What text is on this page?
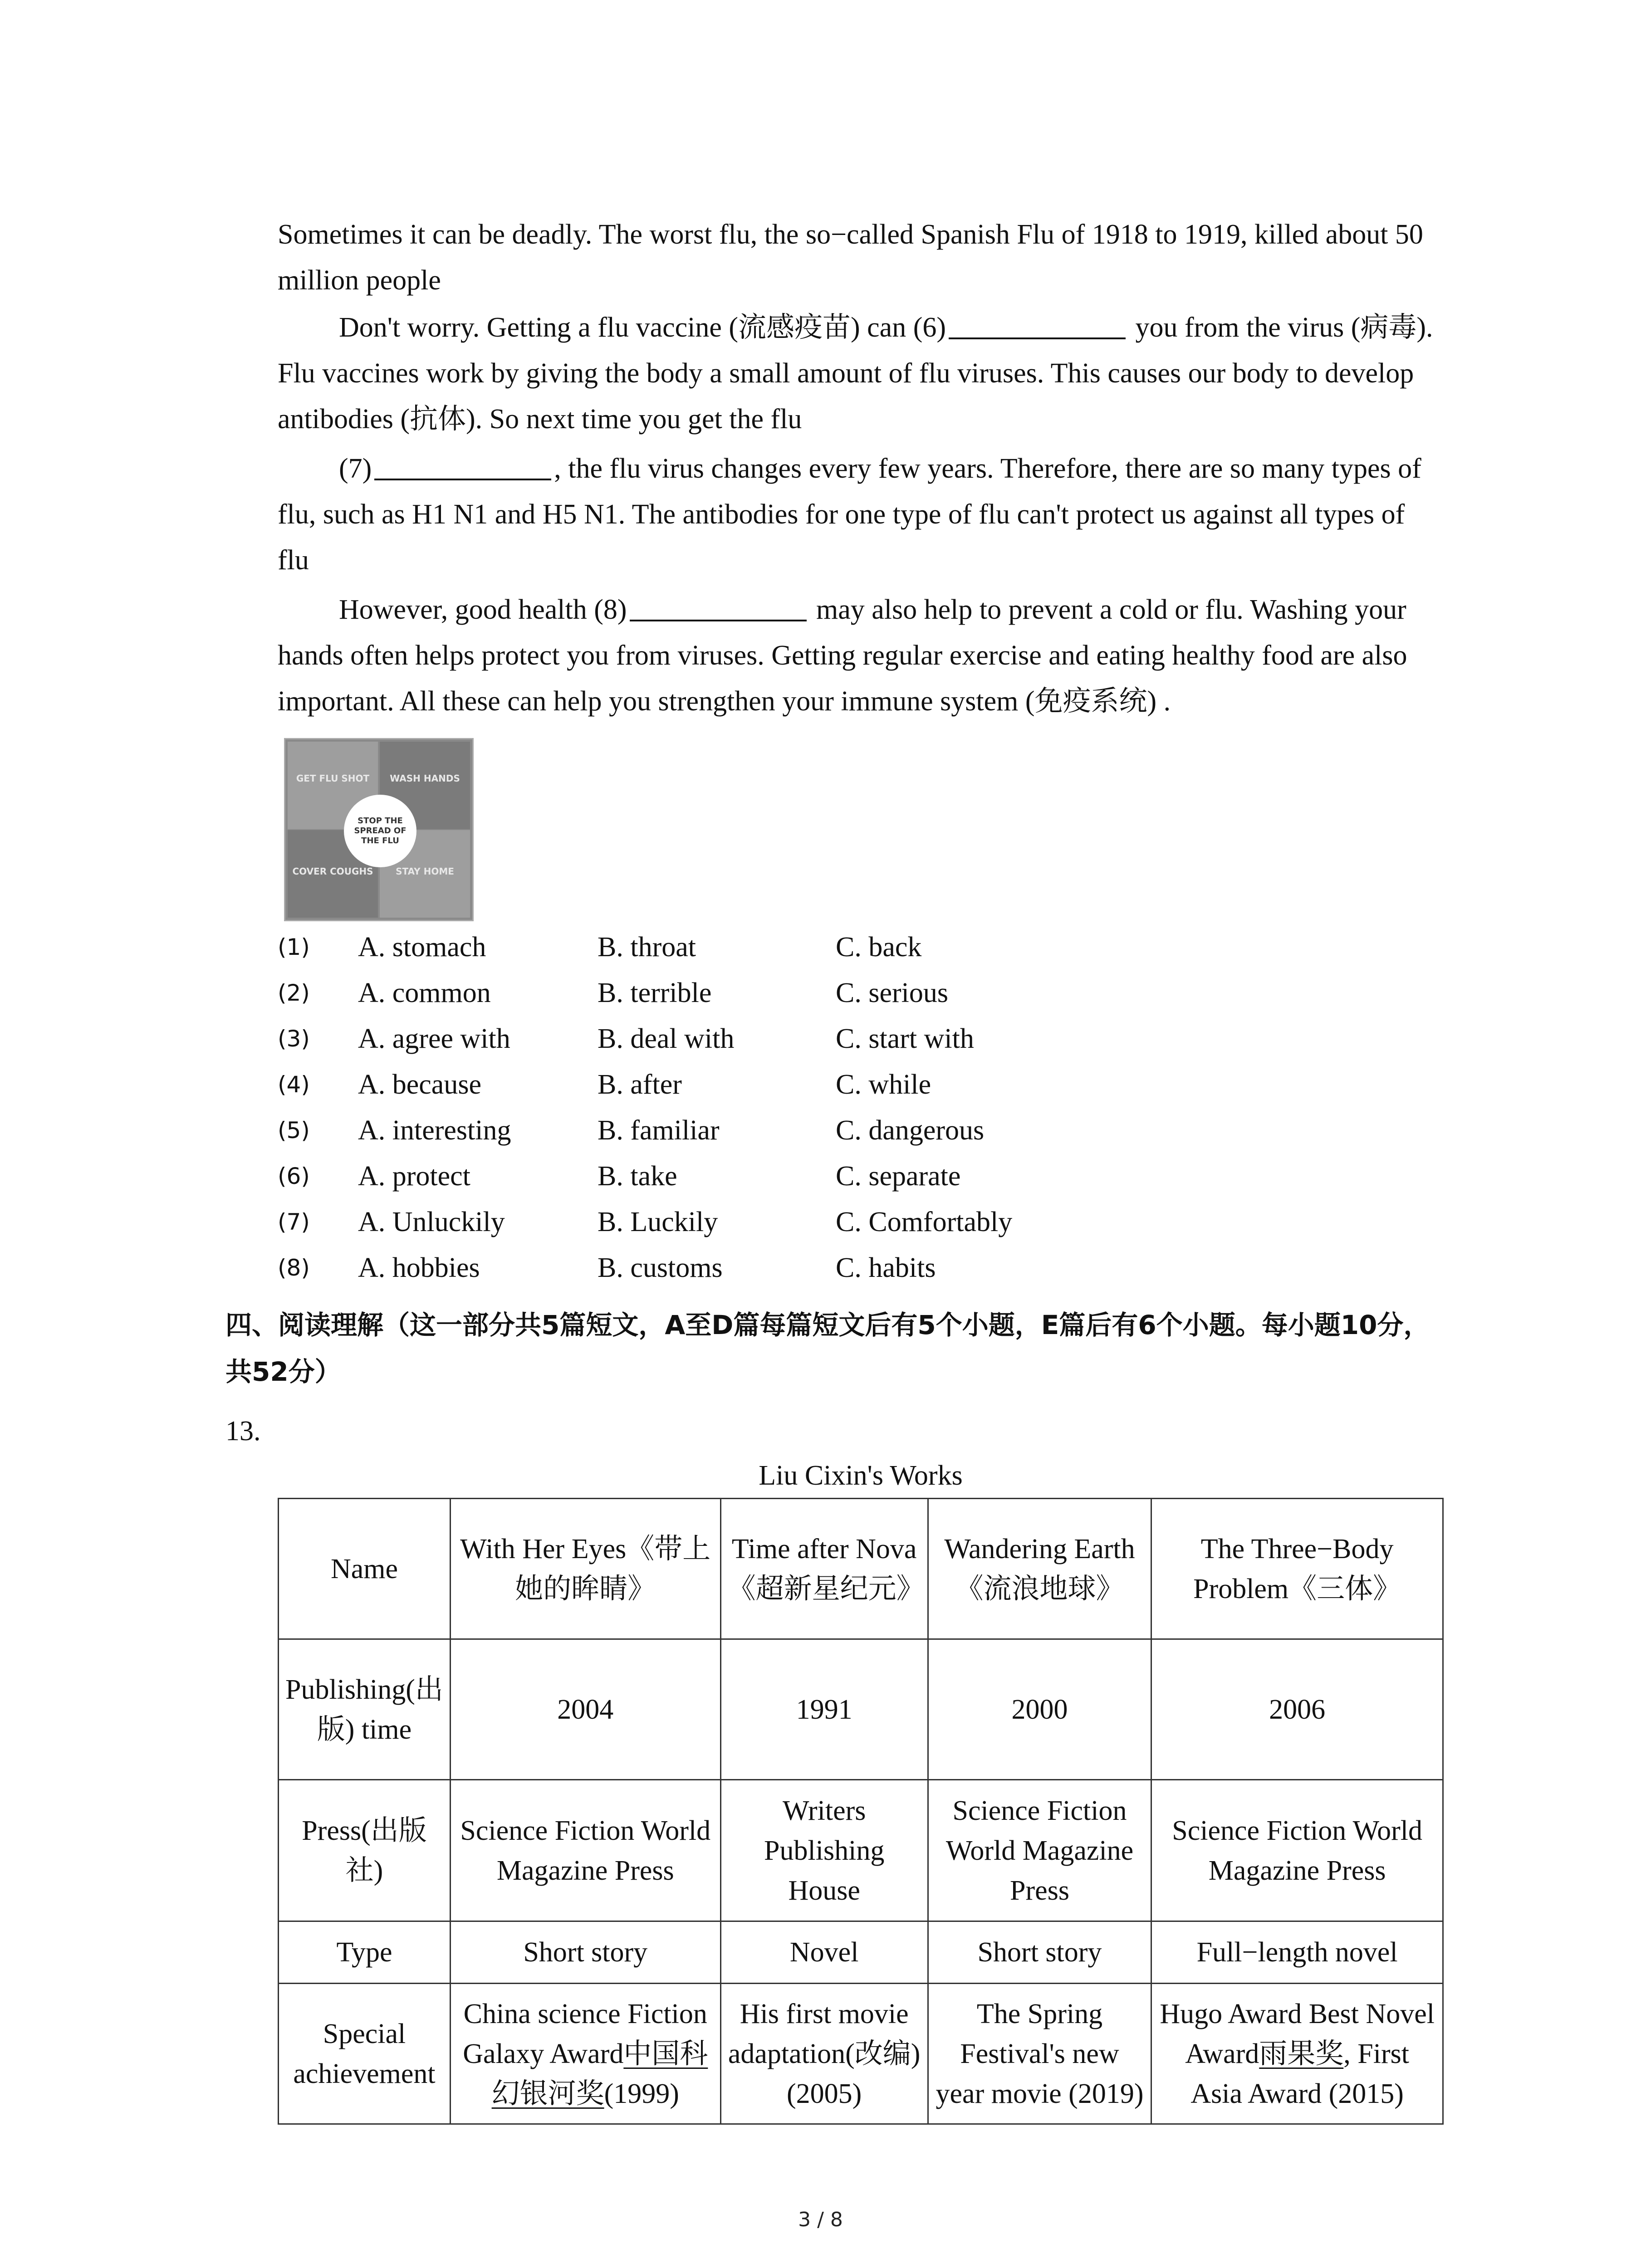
Sometimes it can be deadly. The worst flu, the so−called Spanish Flu of 1918 to 1919, killed about 50 million people

Don't worry. Getting a flu vaccine (流感疫苗) can (6)	you from the virus (病毒). Flu vaccines work by giving the body a small amount of flu viruses. This causes our body to develop antibodies (抗体). So next time you get the flu

(7)	, the flu virus changes every few years. Therefore, there are so many types of flu, such as H1 N1 and H5 N1. The antibodies for one type of flu can't protect us against all types of flu

However, good health (8)	may also help to prevent a cold or flu. Washing your hands often helps protect you from viruses. Getting regular exercise and eating healthy food are also important. All these can help you strengthen your immune system (免疫系统) .

GET FLU SHOT	WASH HANDS
COVER COUGHS	STAY HOME
STOP THE SPREAD OF THE FLU
(1) A. stomach	B. throat	C. back
(2) A. common	B. terrible	C. serious
(3) A. agree with	B. deal with	C. start with
(4) A. because	B. after	C. while
(5) A. interesting	B. familiar	C. dangerous
(6) A. protect	B. take	C. separate
(7) A. Unluckily	B. Luckily	C. Comfortably
(8) A. hobbies	B. customs	C. habits
四、阅读理解（这一部分共5篇短文，A至D篇每篇短文后有5个小题，E篇后有6个小题。每小题10分，共52分）
13.
Liu Cixin's Works
Name	With Her Eyes《带上她的眸睛》	Time after Nova《超新星纪元》	Wandering Earth《流浪地球》	The Three−Body Problem《三体》
Publishing(出版) time	2004	1991	2000	2006
Press(出版社)	Science Fiction World Magazine Press	Writers Publishing House	Science Fiction World Magazine Press	Science Fiction World Magazine Press
Type	Short story	Novel	Short story	Full−length novel
Special achievement	China science Fiction Galaxy Award中国科幻银河奖(1999)	His first movie adaptation(改编)(2005)	The Spring Festival's new year movie (2019)	Hugo Award Best Novel Award雨果奖, First Asia Award (2015)
3 / 8
